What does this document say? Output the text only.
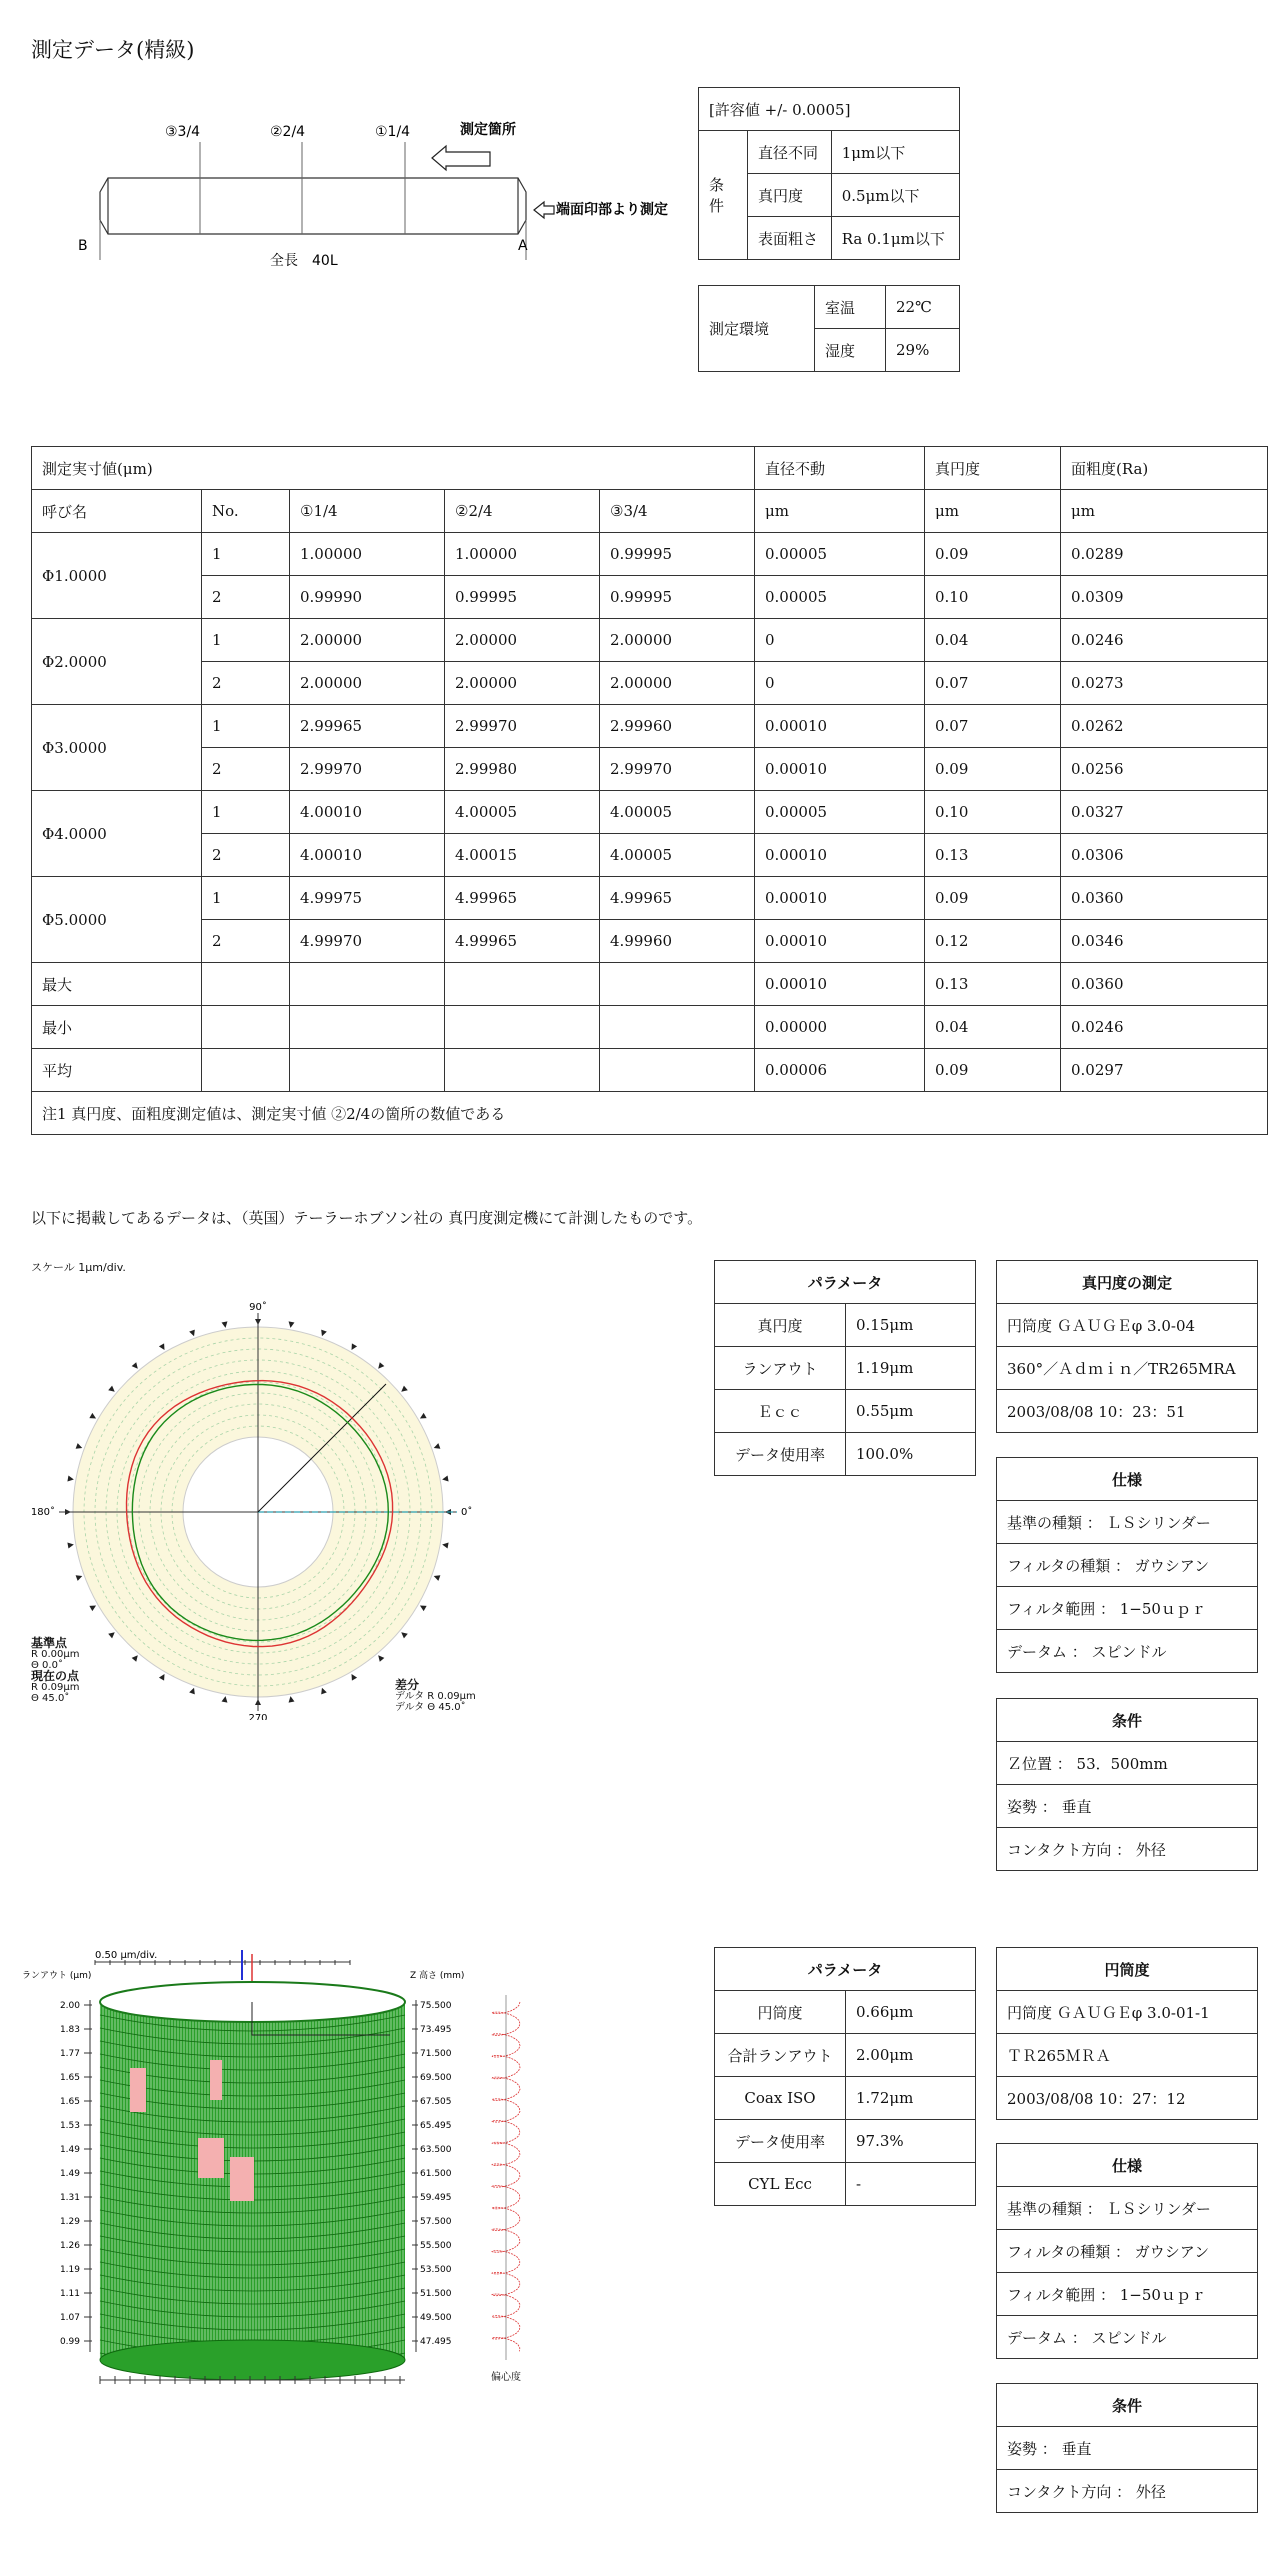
測定データ(精級)
③3/4	②2/4	①1/4	測定箇所
端面印部より測定
B	A
全長　40L
[許容値 +/- 0.0005]		
条件	直径不同	1μm以下
	真円度	0.5μm以下
	表面粗さ	Ra 0.1μm以下
測定環境	室温	22℃
	湿度	29%
測定実寸値(μm)					直径不動	真円度	面粗度(Ra)
呼び名	No.	①1/4	②2/4	③3/4	μm	μm	μm
Φ1.0000	1	1.00000	1.00000	0.99995	0.00005	0.09	0.0289
	2	0.99990	0.99995	0.99995	0.00005	0.10	0.0309
Φ2.0000	1	2.00000	2.00000	2.00000	0	0.04	0.0246
	2	2.00000	2.00000	2.00000	0	0.07	0.0273
Φ3.0000	1	2.99965	2.99970	2.99960	0.00010	0.07	0.0262
	2	2.99970	2.99980	2.99970	0.00010	0.09	0.0256
Φ4.0000	1	4.00010	4.00005	4.00005	0.00005	0.10	0.0327
	2	4.00010	4.00015	4.00005	0.00010	0.13	0.0306
Φ5.0000	1	4.99975	4.99965	4.99965	0.00010	0.09	0.0360
	2	4.99970	4.99965	4.99960	0.00010	0.12	0.0346
最大					0.00010	0.13	0.0360
最小					0.00000	0.04	0.0246
平均					0.00006	0.09	0.0297
注1 真円度、面粗度測定値は、測定実寸値 ②2/4の箇所の数値である							
以下に掲載してあるデータは、（英国）テーラーホブソン社の 真円度測定機にて計測したものです。
スケール 1μm/div.
90˚
270
180˚	0˚
基準点
R 0.00μm
Θ 0.0˚
現在の点
R 0.09μm
Θ 45.0˚
差分
デルタ R 0.09μm
デルタ Θ 45.0˚
パラメータ	
真円度	0.15μm
ランアウト	1.19μm
Ｅｃｃ	0.55μm
データ使用率	100.0%
真円度の測定
円筒度 ＧＡＵＧＥφ 3.0-04
360°／Ａｄｍｉｎ／TR265MRA
2003/08/08 10：23：51
仕様
基準の種類 ： ＬＳシリンダー
フィルタの種類 ： ガウシアン
フィルタ範囲 ： 1−50ｕｐｒ
データム ： スピンドル
条件
Ｚ位置 ： 53．500mm
姿勢 ： 垂直
コンタクト方向 ： 外径
0.50 μm/div.
ランアウト (μm)	Z 高さ (mm)
2.00
1.83
1.77
1.65
1.65
1.53
1.49
1.49
1.31
1.29
1.26
1.19
1.11
1.07
0.99
75.500
73.495
71.500
69.500
67.505
65.495
63.500
61.500
59.495
57.500
55.500
53.500
51.500
49.500
47.495
偏心度
パラメータ	
円筒度	0.66μm
合計ランアウト	2.00μm
Coax ISO	1.72μm
データ使用率	97.3%
CYL Ecc	-
円筒度
円筒度 ＧＡＵＧＥφ 3.0-01-1
ＴＲ265ＭＲＡ
2003/08/08 10：27：12
仕様
基準の種類 ： ＬＳシリンダー
フィルタの種類 ： ガウシアン
フィルタ範囲 ： 1−50ｕｐｒ
データム ： スピンドル
条件
姿勢 ： 垂直
コンタクト方向 ： 外径
